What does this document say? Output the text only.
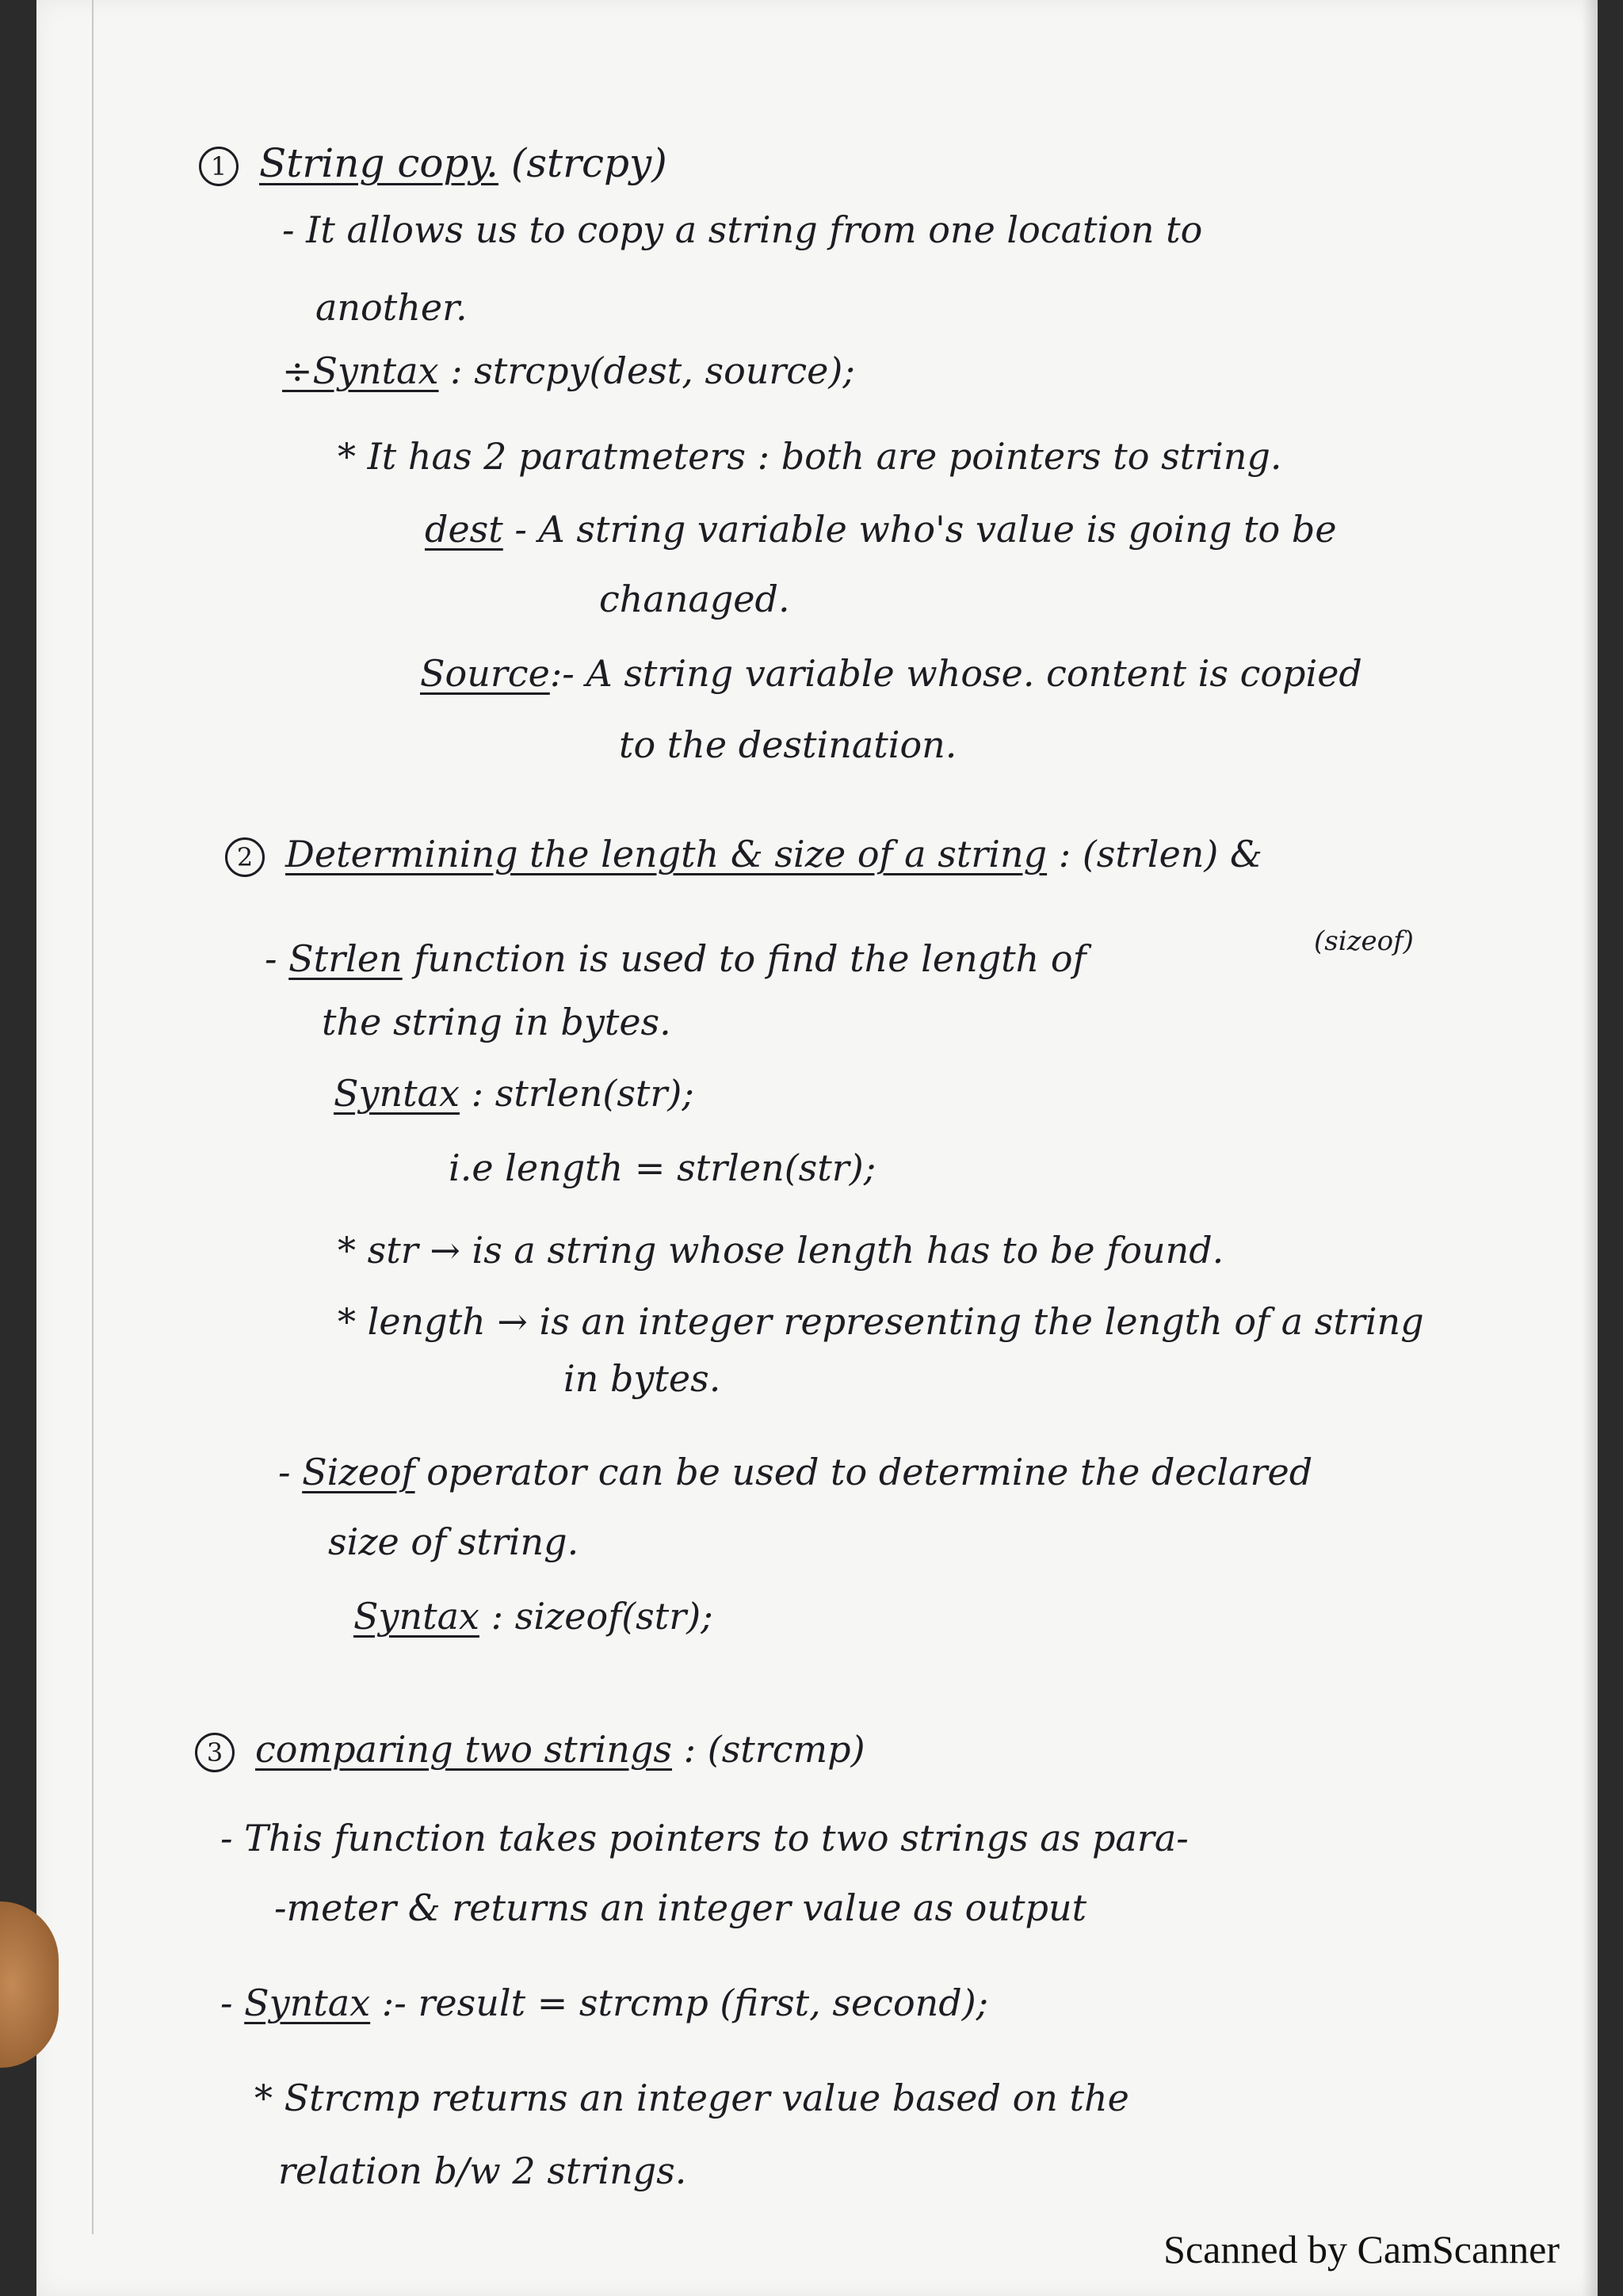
1 String copy. (strcpy)
- It allows us to copy a string from one location to
another.
÷Syntax : strcpy(dest, source);
* It has 2 paratmeters : both are pointers to string.
dest - A string variable who's value is going to be
chanaged.
Source:- A string variable whose. content is copied
to the destination.
2 Determining the length & size of a string : (strlen) &
(sizeof)
- Strlen function is used to find the length of
the string in bytes.
Syntax : strlen(str);
i.e length = strlen(str);
* str → is a string whose length has to be found.
* length → is an integer representing the length of a string
in bytes.
- Sizeof operator can be used to determine the declared
size of string.
Syntax : sizeof(str);
3 comparing two strings : (strcmp)
- This function takes pointers to two strings as para-
-meter & returns an integer value as output
- Syntax :- result = strcmp (first, second);
* Strcmp returns an integer value based on the
relation b/w 2 strings.
Scanned by CamScanner
